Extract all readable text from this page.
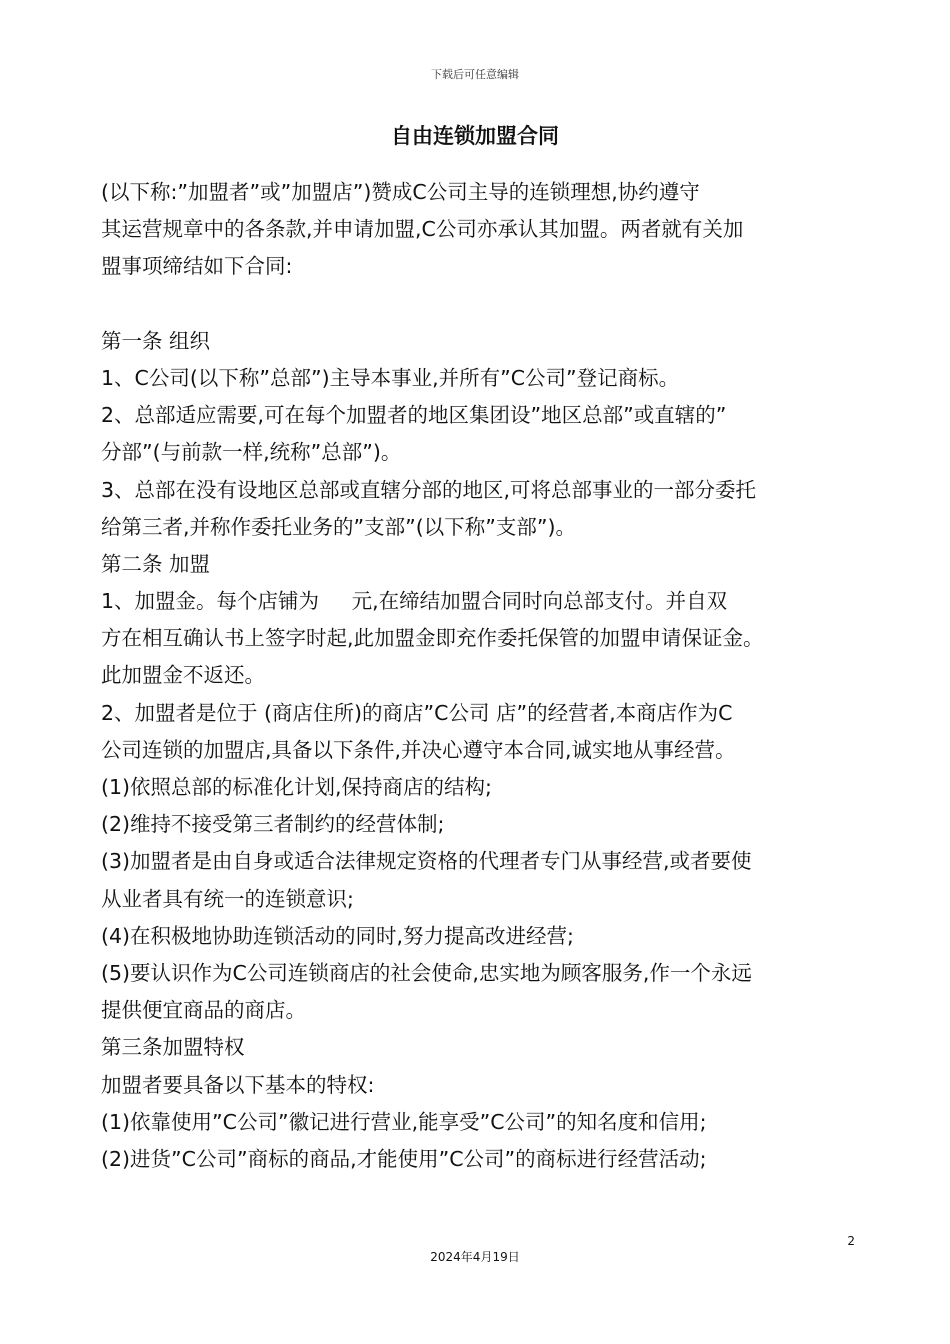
下载后可任意编辑
自由连锁加盟合同
(以下称:”加盟者”或”加盟店”)赞成C公司主导的连锁理想,协约遵守
其运营规章中的各条款,并申请加盟,C公司亦承认其加盟。两者就有关加
盟事项缔结如下合同:
第一条 组织
1、C公司(以下称”总部”)主导本事业,并所有”C公司”登记商标。
2、总部适应需要,可在每个加盟者的地区集团设”地区总部”或直辖的”
分部”(与前款一样,统称”总部”)。
3、总部在没有设地区总部或直辖分部的地区,可将总部事业的一部分委托
给第三者,并称作委托业务的”支部”(以下称”支部”)。
第二条 加盟
1、加盟金。每个店铺为     元,在缔结加盟合同时向总部支付。并自双
方在相互确认书上签字时起,此加盟金即充作委托保管的加盟申请保证金。
此加盟金不返还。
2、加盟者是位于 (商店住所)的商店”C公司 店”的经营者,本商店作为C
公司连锁的加盟店,具备以下条件,并决心遵守本合同,诚实地从事经营。
(1)依照总部的标准化计划,保持商店的结构;
(2)维持不接受第三者制约的经营体制;
(3)加盟者是由自身或适合法律规定资格的代理者专门从事经营,或者要使
从业者具有统一的连锁意识;
(4)在积极地协助连锁活动的同时,努力提高改进经营;
(5)要认识作为C公司连锁商店的社会使命,忠实地为顾客服务,作一个永远
提供便宜商品的商店。
第三条加盟特权
加盟者要具备以下基本的特权:
(1)依靠使用”C公司”徽记进行营业,能享受”C公司”的知名度和信用;
(2)进货”C公司”商标的商品,才能使用”C公司”的商标进行经营活动;
2
2024年4月19日
